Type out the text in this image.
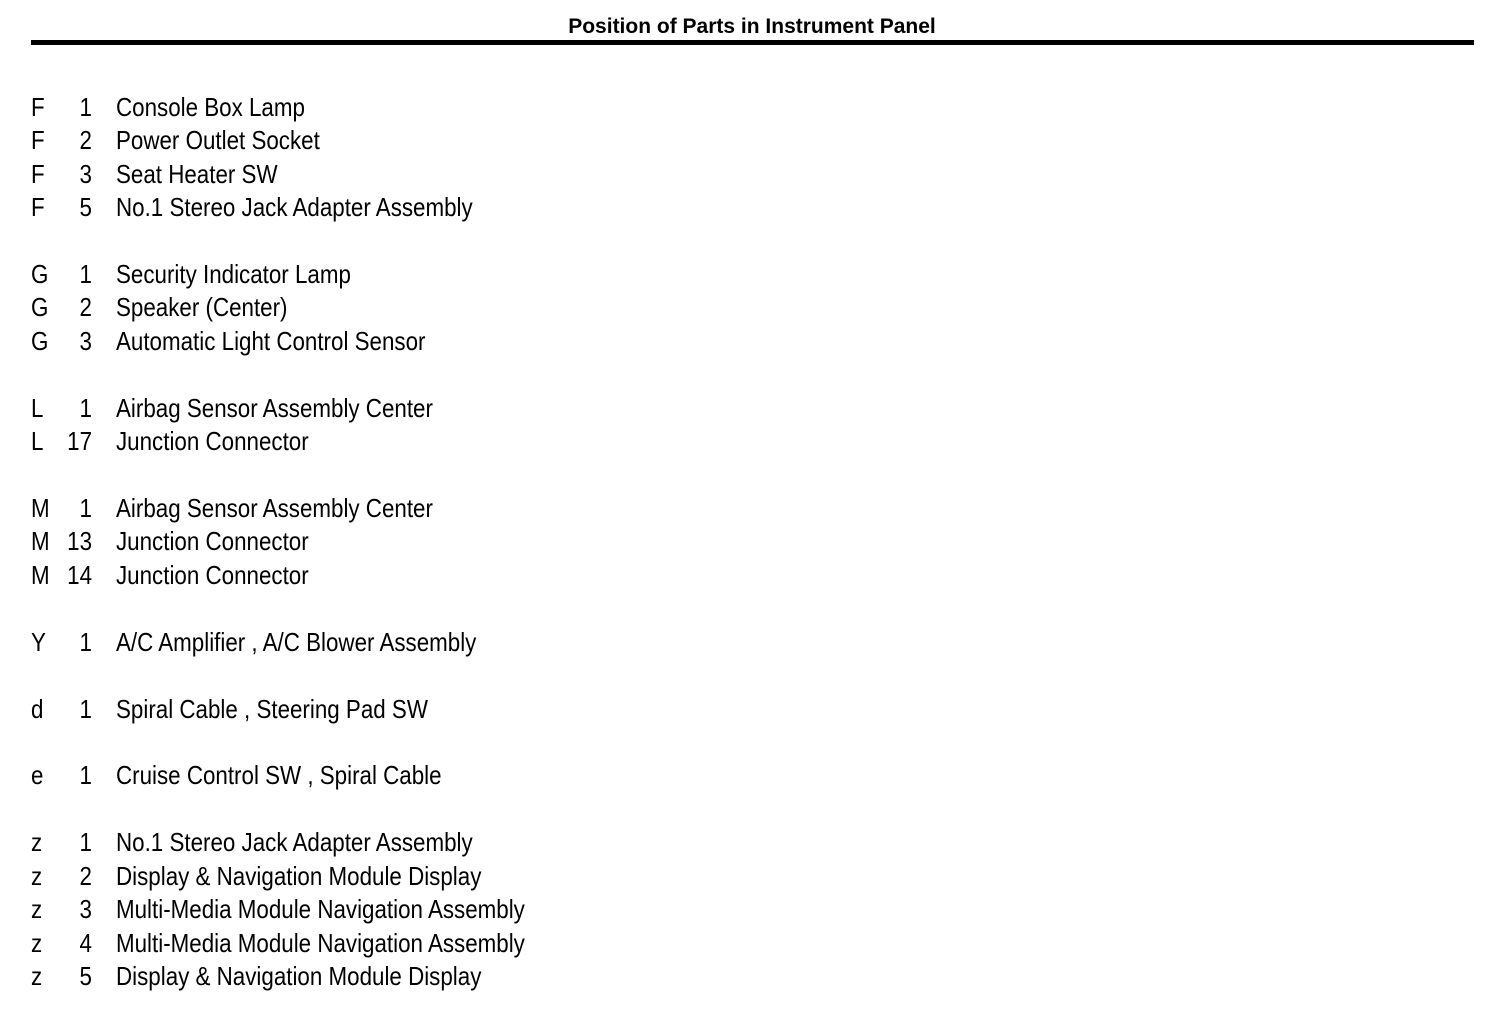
Position of Parts in Instrument Panel
F	1 Console Box Lamp
F	2 Power Outlet Socket
F	3 Seat Heater SW
F	5 No.1 Stereo Jack Adapter Assembly
G	1 Security Indicator Lamp
G	2 Speaker (Center)
G	3 Automatic Light Control Sensor
L	1 Airbag Sensor Assembly Center
L 17 Junction Connector
M	1 Airbag Sensor Assembly Center
M 13 Junction Connector
M 14 Junction Connector
Y	1 A/C Amplifier , A/C Blower Assembly
d	1 Spiral Cable , Steering Pad SW
e	1 Cruise Control SW , Spiral Cable
z	1 No.1 Stereo Jack Adapter Assembly
z	2 Display & Navigation Module Display
z	3 Multi-Media Module Navigation Assembly
z	4 Multi-Media Module Navigation Assembly
z	5 Display & Navigation Module Display
